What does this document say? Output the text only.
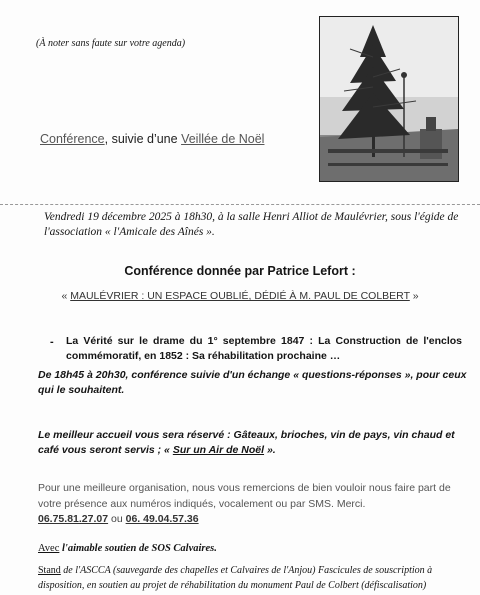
(À noter sans faute sur votre agenda)
Conférence, suivie d’une Veillée de Noël
Vendredi 19 décembre 2025 à 18h30, à la salle Henri Alliot de Maulévrier, sous l'égide de l'association « l'Amicale des Aînés ».
Conférence donnée par Patrice Lefort :
« MAULÉVRIER : UN ESPACE OUBLIÉ, DÉDIÉ À M. PAUL DE COLBERT »
- La Vérité sur le drame du 1° septembre 1847 : La Construction de l'enclos commémoratif, en 1852 : Sa réhabilitation prochaine …
De 18h45 à 20h30, conférence suivie d'un échange « questions-réponses », pour ceux qui le souhaitent.
Le meilleur accueil vous sera réservé : Gâteaux, brioches, vin de pays, vin chaud et café vous seront servis ; « Sur un Air de Noël ».
Pour une meilleure organisation, nous vous remercions de bien vouloir nous faire part de votre présence aux numéros indiqués, vocalement ou par SMS. Merci.
06.75.81.27.07 ou 06. 49.04.57.36
Avec l'aimable soutien de SOS Calvaires.
Stand de l'ASCCA (sauvegarde des chapelles et Calvaires de l'Anjou) Fascicules de souscription à disposition, en soutien au projet de réhabilitation du monument Paul de Colbert (défiscalisation)
